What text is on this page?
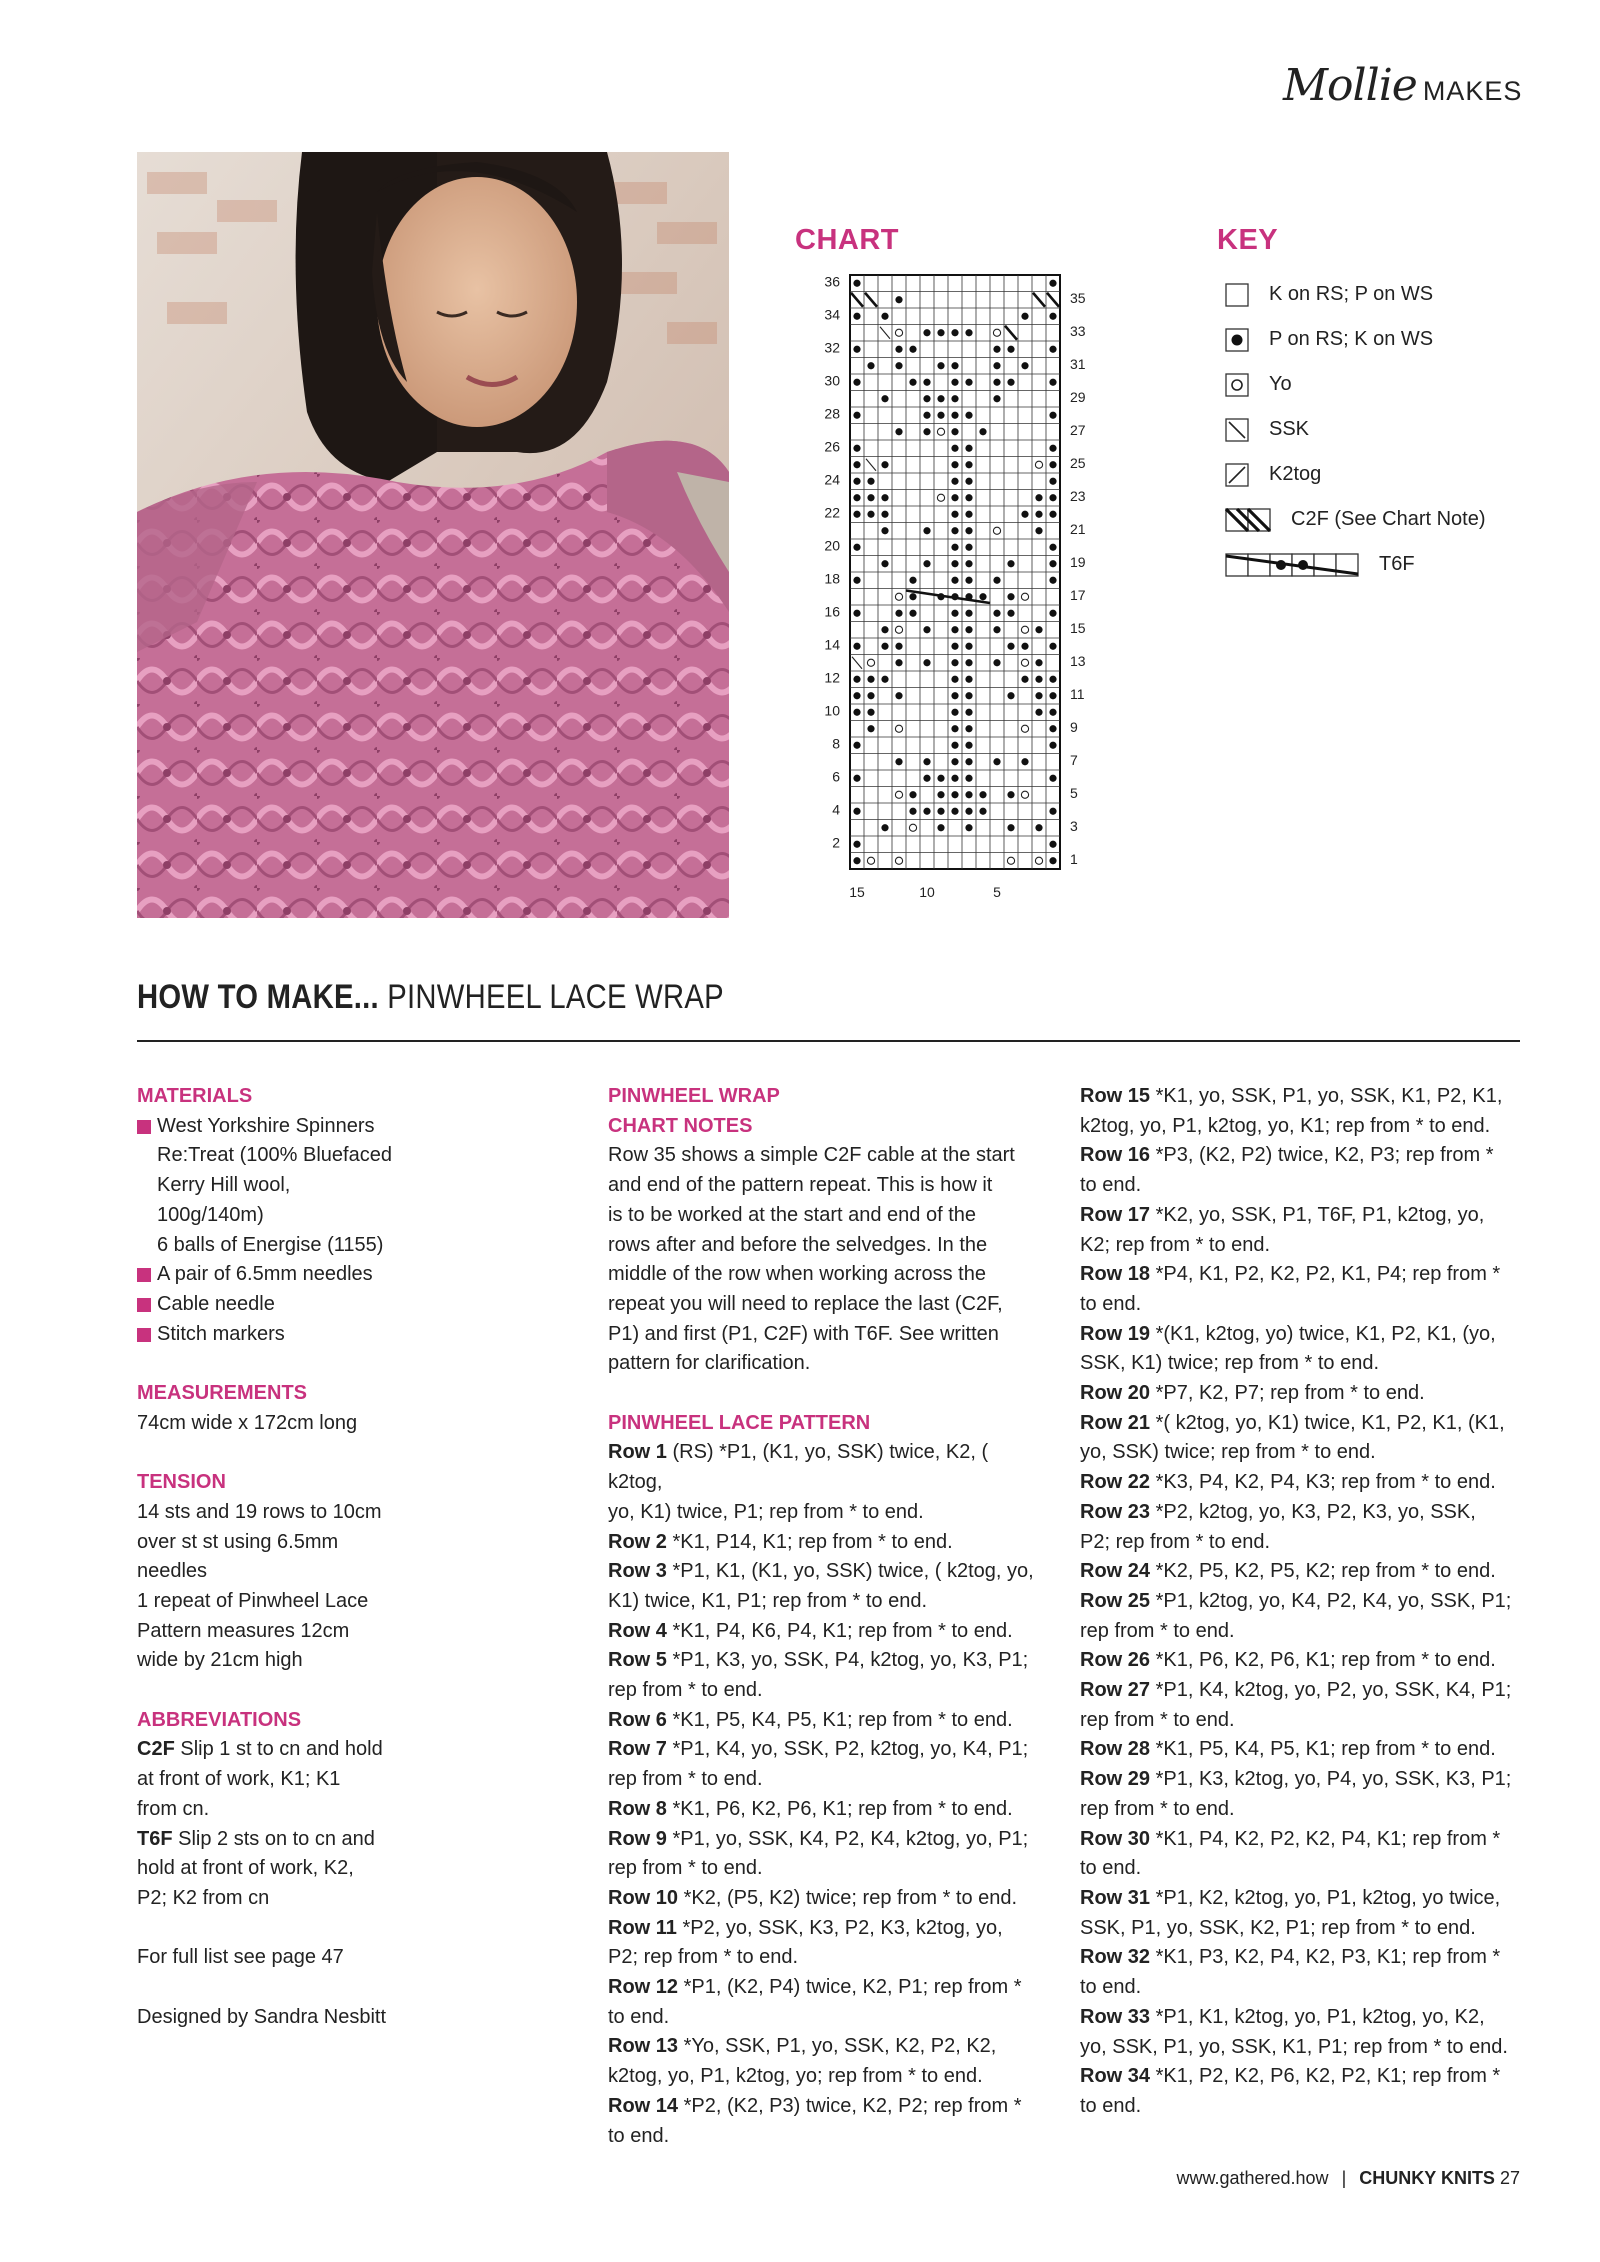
Mollie MAKES
CHART	KEY
36
34
32
30
28
26
24
22
20
18
16
14
12
10
8
6
4
2
35
33
31
29
27
25
23
21
19
17
15
13
11
9
7
5
3
1
15	10	5
K on RS; P on WS
P on RS; K on WS
Yo
SSK
K2tog
C2F (See Chart Note)
T6F
HOW TO MAKE... PINWHEEL LACE WRAP

MATERIALS

West Yorkshire Spinners

Re:Treat (100% Bluefaced

Kerry Hill wool,

100g/140m)

6 balls of Energise (1155)

A pair of 6.5mm needles

Cable needle

Stitch markers

MEASUREMENTS

74cm wide x 172cm long

TENSION

14 sts and 19 rows to 10cm

over st st using 6.5mm

needles

1 repeat of Pinwheel Lace

Pattern measures 12cm

wide by 21cm high

ABBREVIATIONS

C2F Slip 1 st to cn and hold

at front of work, K1; K1

from cn.

T6F Slip 2 sts on to cn and

hold at front of work, K2,

P2; K2 from cn

For full list see page 47

Designed by Sandra Nesbitt

PINWHEEL WRAP

CHART NOTES

Row 35 shows a simple C2F cable at the start

and end of the pattern repeat. This is how it

is to be worked at the start and end of the

rows after and before the selvedges. In the

middle of the row when working across the

repeat you will need to replace the last (C2F,

P1) and first (P1, C2F) with T6F. See written

pattern for clarification.

PINWHEEL LACE PATTERN

Row 1 (RS) *P1, (K1, yo, SSK) twice, K2, ( k2tog,

yo, K1) twice, P1; rep from * to end.

Row 2 *K1, P14, K1; rep from * to end.

Row 3 *P1, K1, (K1, yo, SSK) twice, ( k2tog, yo,

K1) twice, K1, P1; rep from * to end.

Row 4 *K1, P4, K6, P4, K1; rep from * to end.

Row 5 *P1, K3, yo, SSK, P4, k2tog, yo, K3, P1;

rep from * to end.

Row 6 *K1, P5, K4, P5, K1; rep from * to end.

Row 7 *P1, K4, yo, SSK, P2, k2tog, yo, K4, P1;

rep from * to end.

Row 8 *K1, P6, K2, P6, K1; rep from * to end.

Row 9 *P1, yo, SSK, K4, P2, K4, k2tog, yo, P1;

rep from * to end.

Row 10 *K2, (P5, K2) twice; rep from * to end.

Row 11 *P2, yo, SSK, K3, P2, K3, k2tog, yo,

P2; rep from * to end.

Row 12 *P1, (K2, P4) twice, K2, P1; rep from *

to end.

Row 13 *Yo, SSK, P1, yo, SSK, K2, P2, K2,

k2tog, yo, P1, k2tog, yo; rep from * to end.

Row 14 *P2, (K2, P3) twice, K2, P2; rep from *

to end.

Row 15 *K1, yo, SSK, P1, yo, SSK, K1, P2, K1,

k2tog, yo, P1, k2tog, yo, K1; rep from * to end.

Row 16 *P3, (K2, P2) twice, K2, P3; rep from *

to end.

Row 17 *K2, yo, SSK, P1, T6F, P1, k2tog, yo,

K2; rep from * to end.

Row 18 *P4, K1, P2, K2, P2, K1, P4; rep from *

to end.

Row 19 *(K1, k2tog, yo) twice, K1, P2, K1, (yo,

SSK, K1) twice; rep from * to end.

Row 20 *P7, K2, P7; rep from * to end.

Row 21 *( k2tog, yo, K1) twice, K1, P2, K1, (K1,

yo, SSK) twice; rep from * to end.

Row 22 *K3, P4, K2, P4, K3; rep from * to end.

Row 23 *P2, k2tog, yo, K3, P2, K3, yo, SSK,

P2; rep from * to end.

Row 24 *K2, P5, K2, P5, K2; rep from * to end.

Row 25 *P1, k2tog, yo, K4, P2, K4, yo, SSK, P1;

rep from * to end.

Row 26 *K1, P6, K2, P6, K1; rep from * to end.

Row 27 *P1, K4, k2tog, yo, P2, yo, SSK, K4, P1;

rep from * to end.

Row 28 *K1, P5, K4, P5, K1; rep from * to end.

Row 29 *P1, K3, k2tog, yo, P4, yo, SSK, K3, P1;

rep from * to end.

Row 30 *K1, P4, K2, P2, K2, P4, K1; rep from *

to end.

Row 31 *P1, K2, k2tog, yo, P1, k2tog, yo twice,

SSK, P1, yo, SSK, K2, P1; rep from * to end.

Row 32 *K1, P3, K2, P4, K2, P3, K1; rep from *

to end.

Row 33 *P1, K1, k2tog, yo, P1, k2tog, yo, K2,

yo, SSK, P1, yo, SSK, K1, P1; rep from * to end.

Row 34 *K1, P2, K2, P6, K2, P2, K1; rep from *

to end.

www.gathered.how | CHUNKY KNITS 27
